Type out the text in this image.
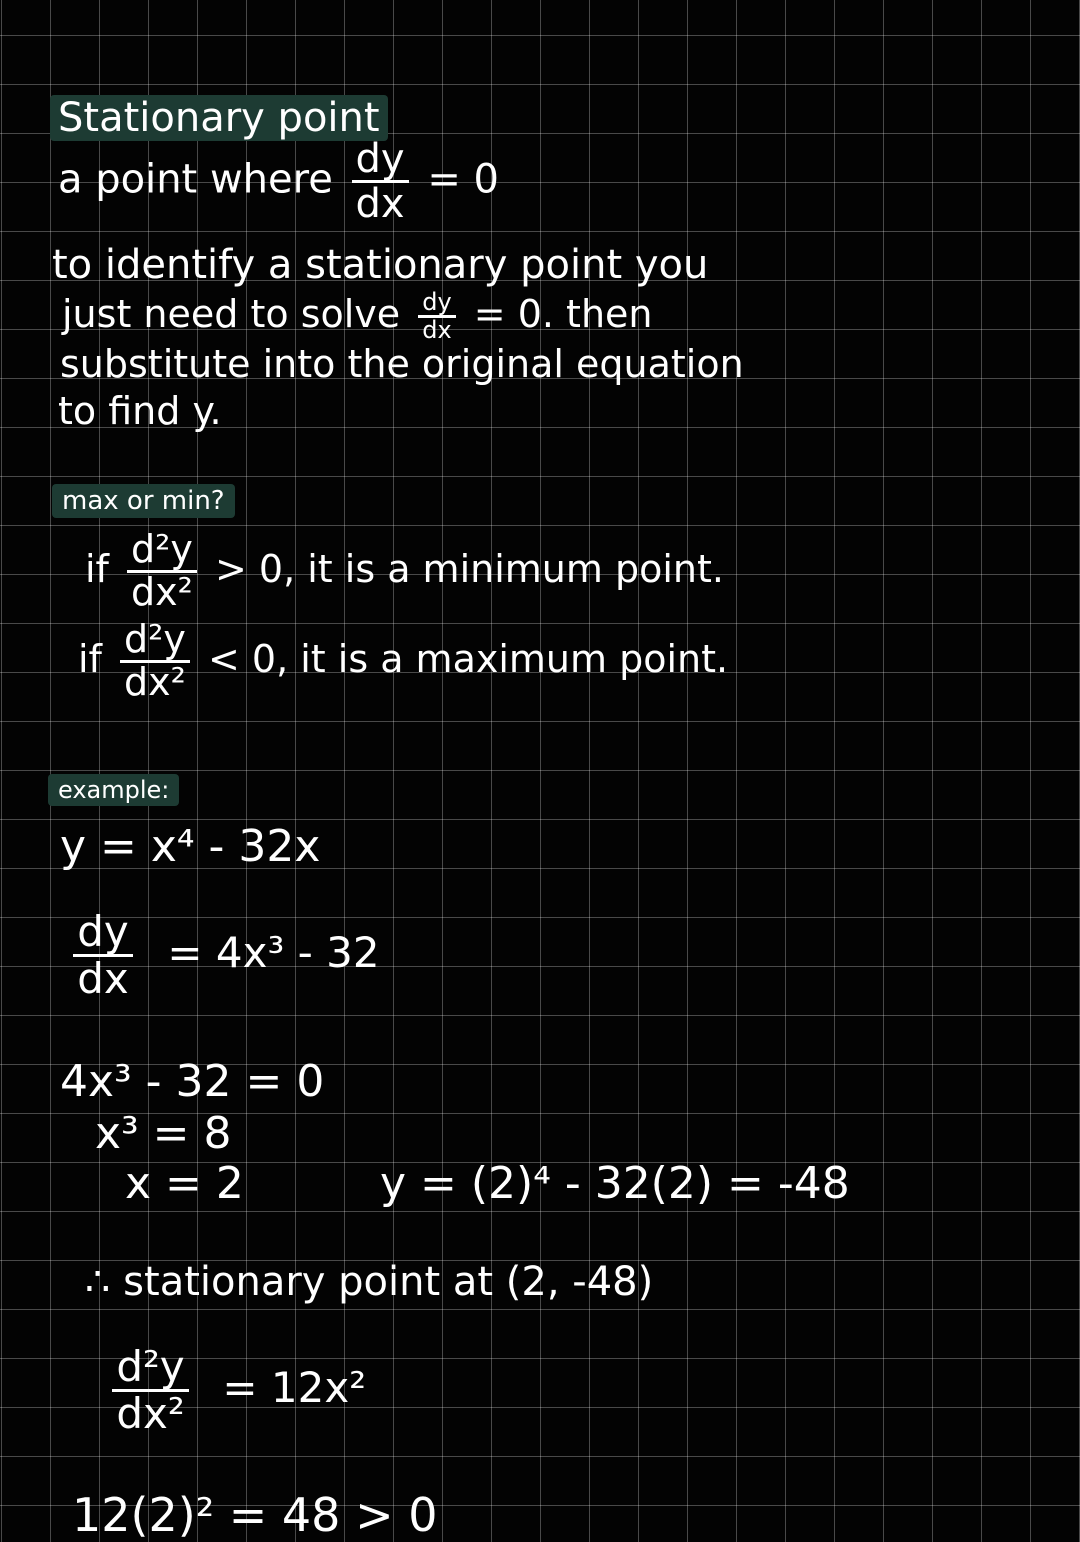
Stationary point
a point where $\frac{dy}{dx} = 0$
to identify a stationary point you
just need to solve $\frac{dy}{dx} = 0$. then
substitute into the original equation
to find y.
max or min?
if $\frac{\text{d²y}}{\text{dx²}} > 0$, it is a minimum point.
if $\frac{\text{d²y}}{\text{dx²}} < 0$, it is a maximum point.
example:
y = x⁴ - 32x
$\frac{dy}{dx} = 4x^3 - 32$
4x³ - 32 = 0
x³ = 8
x = 2	y = (2)⁴ - 32(2) = -48
∴ stationary point at (2, -48)
$\frac{\text{d²y}}{\text{dx²}} = 12x^2$
12(2)² = 48 > 0
